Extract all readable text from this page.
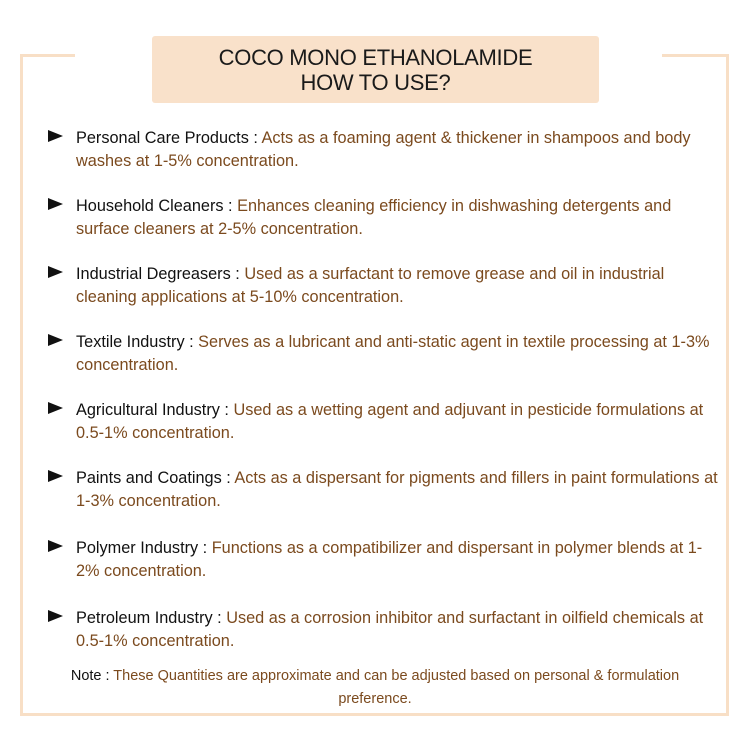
COCO MONO ETHANOLAMIDE
HOW TO USE?
Personal Care Products : Acts as a foaming agent & thickener in shampoos and body washes at 1-5% concentration.
Household Cleaners : Enhances cleaning efficiency in dishwashing detergents and surface cleaners at 2-5% concentration.
Industrial Degreasers : Used as a surfactant to remove grease and oil in industrial cleaning applications at 5-10% concentration.
Textile Industry : Serves as a lubricant and anti-static agent in textile processing at 1-3% concentration.
Agricultural Industry : Used as a wetting agent and adjuvant in pesticide formulations at 0.5-1% concentration.
Paints and Coatings : Acts as a dispersant for pigments and fillers in paint formulations at 1-3% concentration.
Polymer Industry : Functions as a compatibilizer and dispersant in polymer blends at 1-2% concentration.
Petroleum Industry : Used as a corrosion inhibitor and surfactant in oilfield chemicals at 0.5-1% concentration.
Note : These Quantities are approximate and can be adjusted based on personal & formulation preference.
